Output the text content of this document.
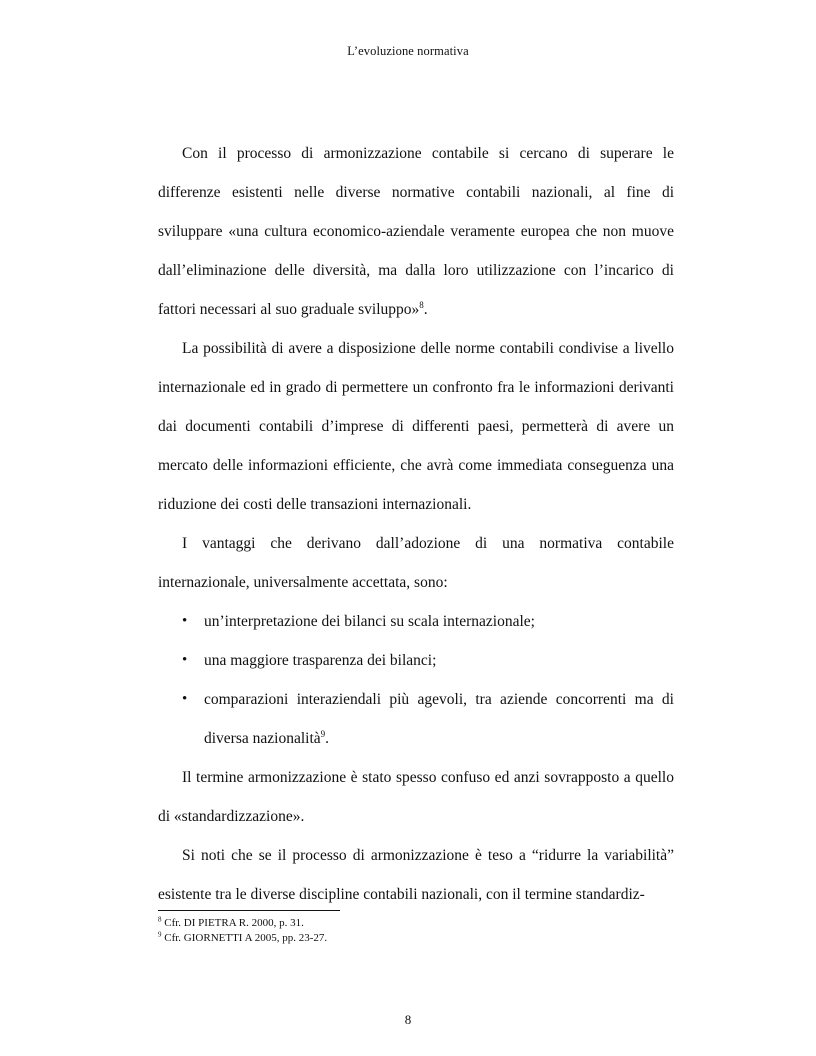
L’evoluzione normativa

Con il processo di armonizzazione contabile si cercano di superare le differenze esistenti nelle diverse normative contabili nazionali, al fine di sviluppare «una cultura economico-aziendale veramente europea che non muove dall’eliminazione delle diversità, ma dalla loro utilizzazione con l’incarico di fattori necessari al suo graduale sviluppo»$^8$.

La possibilità di avere a disposizione delle norme contabili condivise a livello internazionale ed in grado di permettere un confronto fra le informazioni derivanti dai documenti contabili d’imprese di differenti paesi, permetterà di avere un mercato delle informazioni efficiente, che avrà come immediata conseguenza una riduzione dei costi delle transazioni internazionali.

I vantaggi che derivano dall’adozione di una normativa contabile internazionale, universalmente accettata, sono:

• un’interpretazione dei bilanci su scala internazionale;
• una maggiore trasparenza dei bilanci;
• comparazioni interaziendali più agevoli, tra aziende concorrenti ma di diversa nazionalità$^9$.

Il termine armonizzazione è stato spesso confuso ed anzi sovrapposto a quello di «standardizzazione».

Si noti che se il processo di armonizzazione è teso a “ridurre la variabilità” esistente tra le diverse discipline contabili nazionali, con il termine standardiz-

$^8$ Cfr. DI PIETRA R. 2000, p. 31.
$^9$ Cfr. GIORNETTI A 2005, pp. 23-27.
8
